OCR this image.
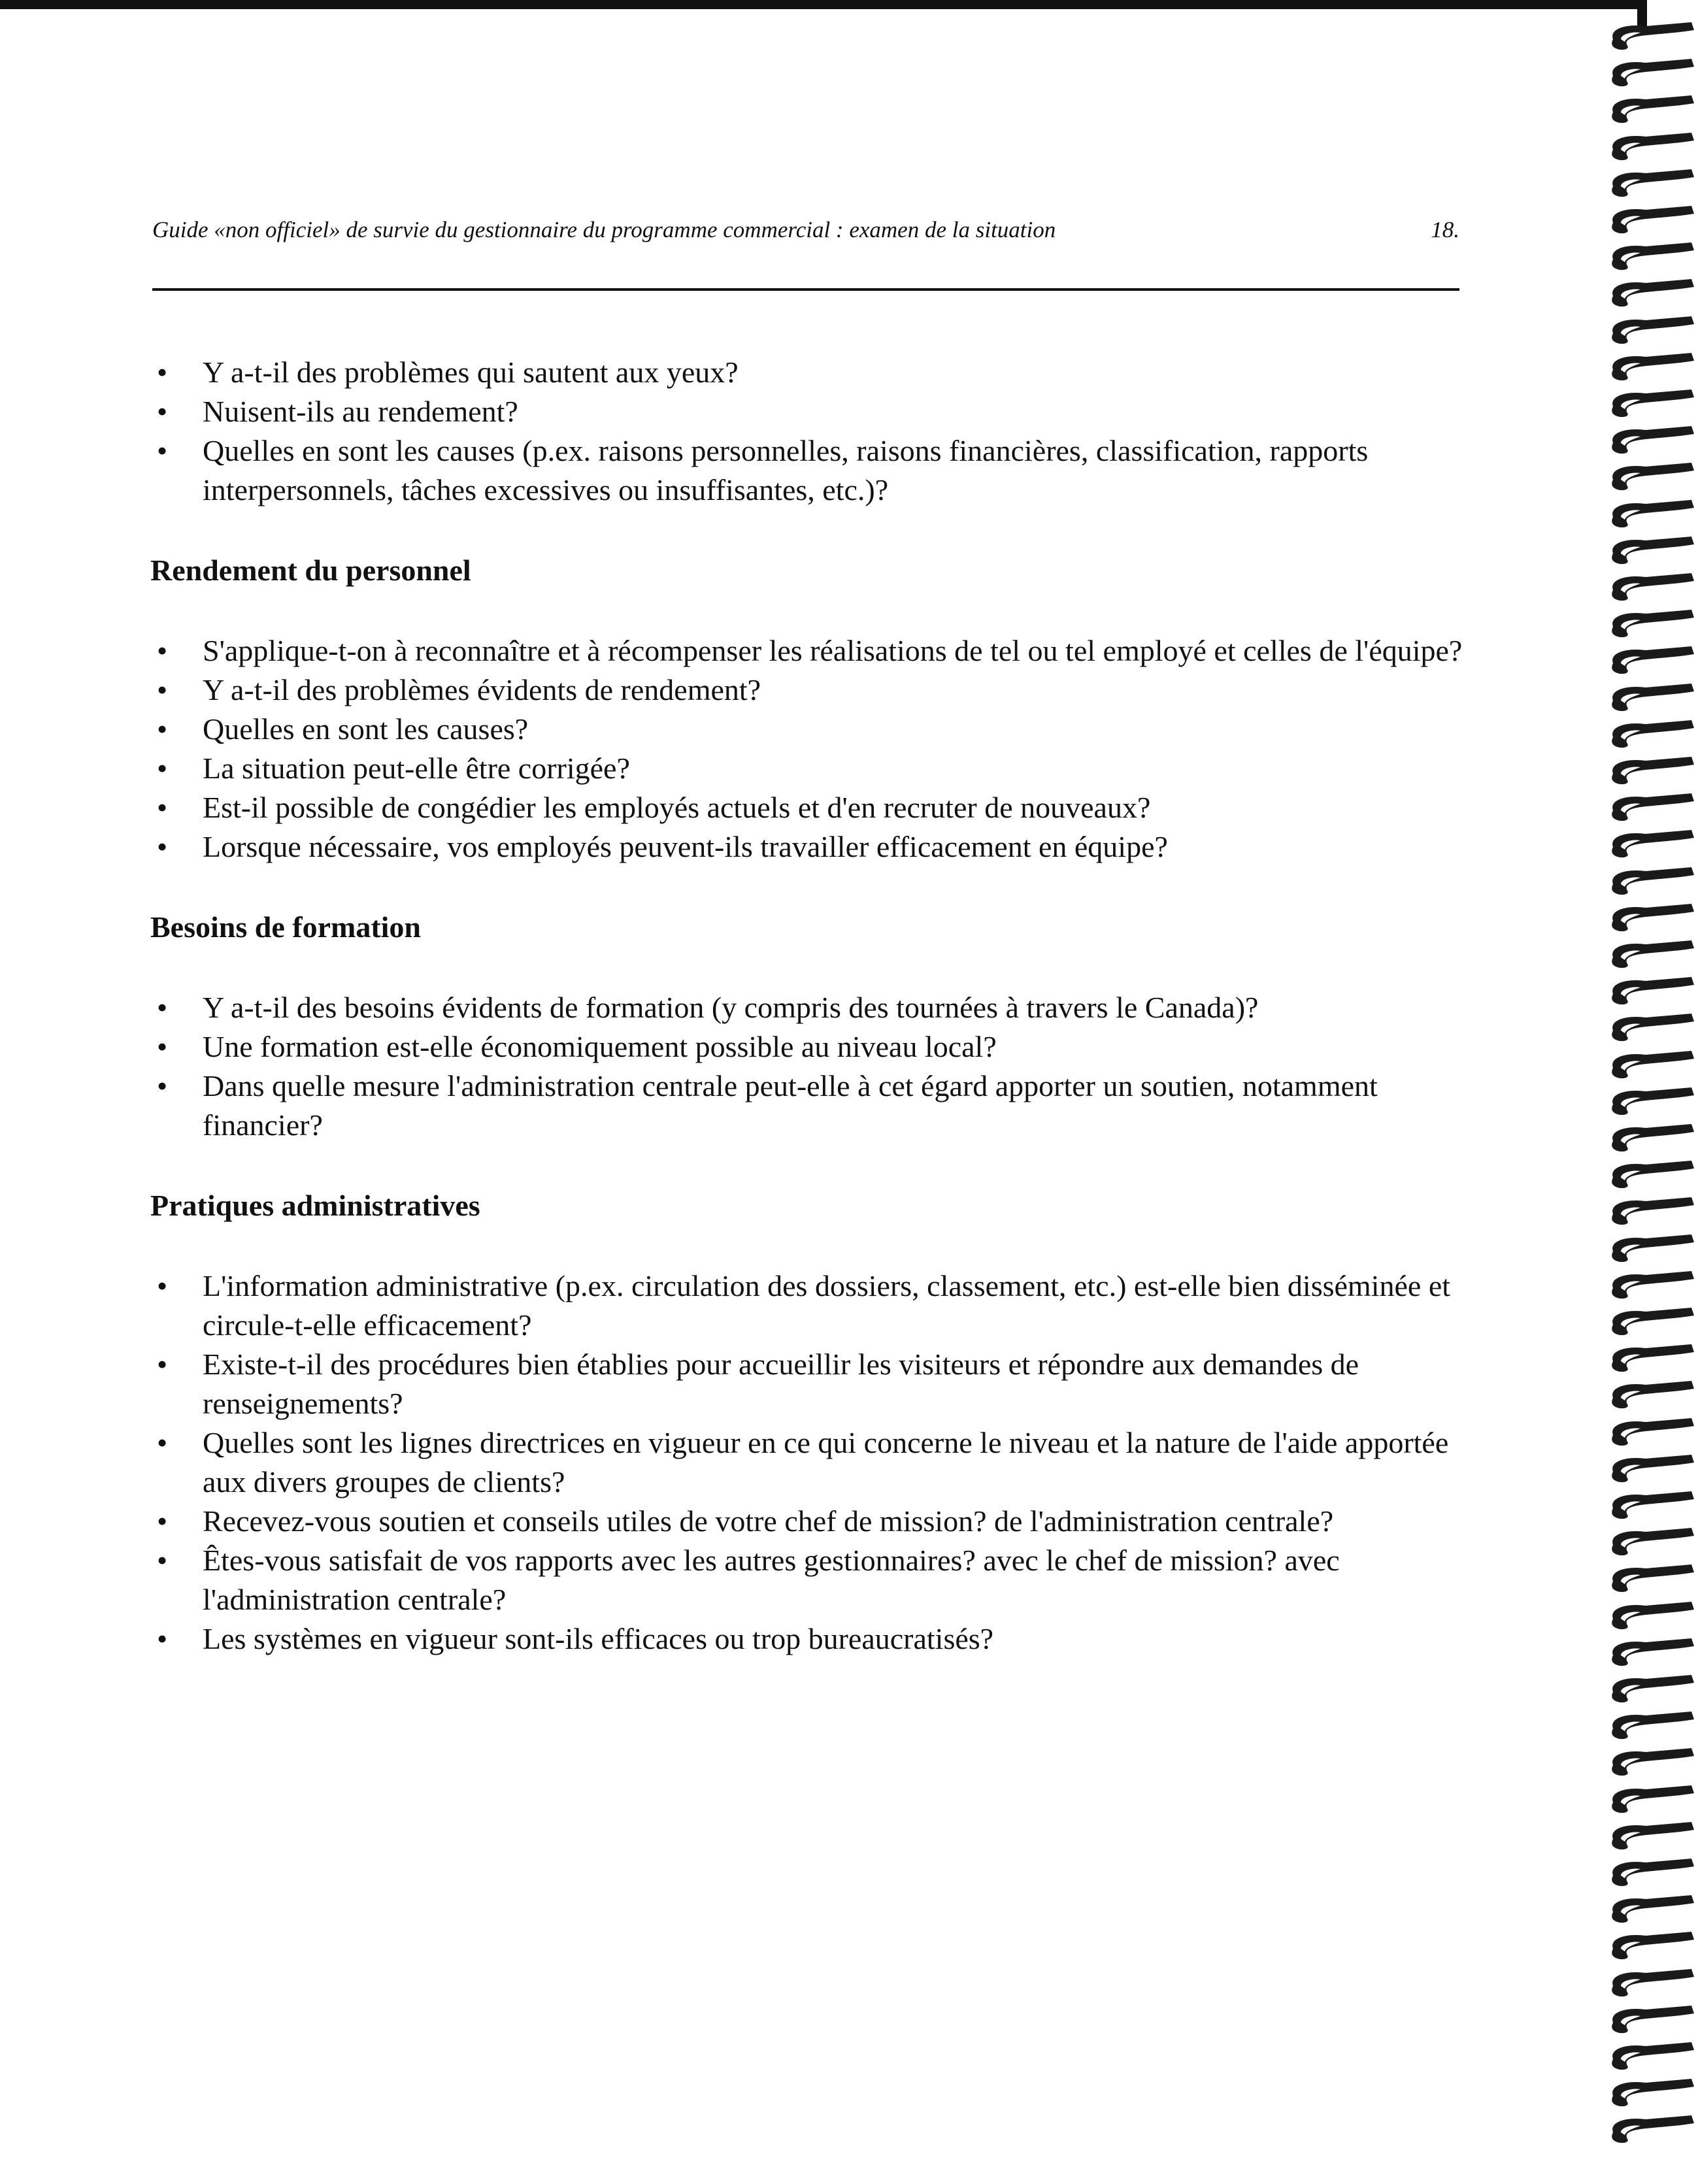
Guide «non officiel» de survie du gestionnaire du programme commercial : examen de la situation	18.
• Y a-t-il des problèmes qui sautent aux yeux?
• Nuisent-ils au rendement?
• Quelles en sont les causes (p.ex. raisons personnelles, raisons financières, classification, rapports interpersonnels, tâches excessives ou insuffisantes, etc.)?
Rendement du personnel
• S'applique-t-on à reconnaître et à récompenser les réalisations de tel ou tel employé et celles de l'équipe?
• Y a-t-il des problèmes évidents de rendement?
• Quelles en sont les causes?
• La situation peut-elle être corrigée?
• Est-il possible de congédier les employés actuels et d'en recruter de nouveaux?
• Lorsque nécessaire, vos employés peuvent-ils travailler efficacement en équipe?
Besoins de formation
• Y a-t-il des besoins évidents de formation (y compris des tournées à travers le Canada)?
• Une formation est-elle économiquement possible au niveau local?
• Dans quelle mesure l'administration centrale peut-elle à cet égard apporter un soutien, notamment financier?
Pratiques administratives
• L'information administrative (p.ex. circulation des dossiers, classement, etc.) est-elle bien disséminée et circule-t-elle efficacement?
• Existe-t-il des procédures bien établies pour accueillir les visiteurs et répondre aux demandes de renseignements?
• Quelles sont les lignes directrices en vigueur en ce qui concerne le niveau et la nature de l'aide apportée aux divers groupes de clients?
• Recevez-vous soutien et conseils utiles de votre chef de mission? de l'administration centrale?
• Êtes-vous satisfait de vos rapports avec les autres gestionnaires? avec le chef de mission? avec l'administration centrale?
• Les systèmes en vigueur sont-ils efficaces ou trop bureaucratisés?
